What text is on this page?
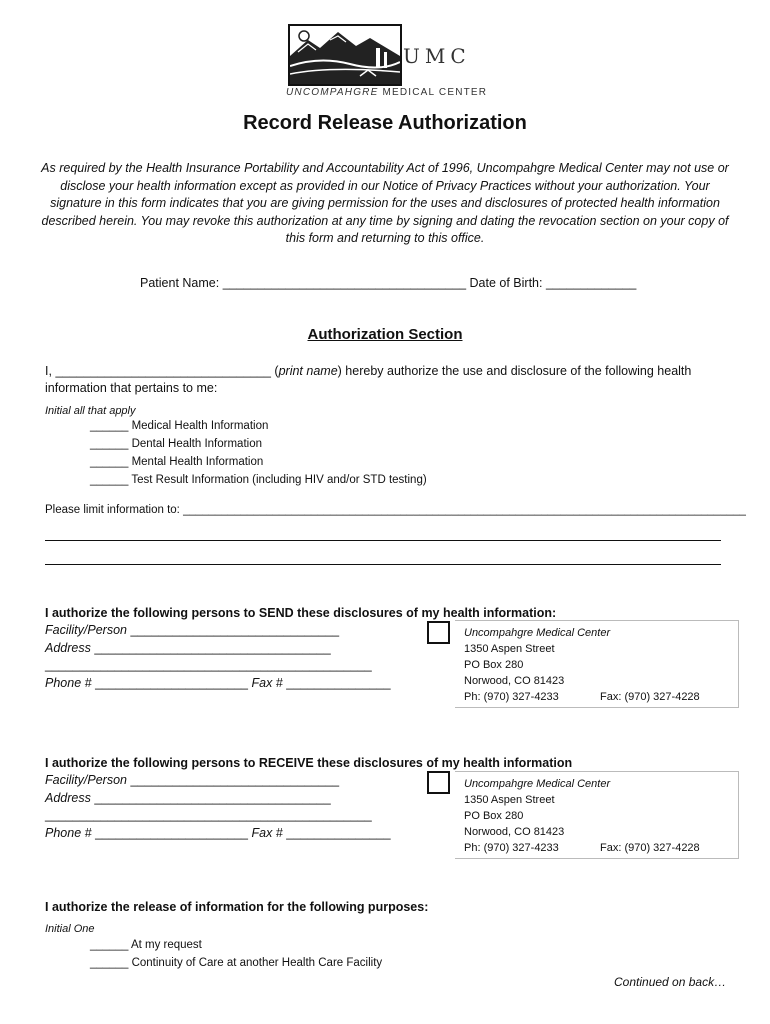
UMC
UNCOMPAHGRE MEDICAL CENTER
Record Release Authorization
As required by the Health Insurance Portability and Accountability Act of 1996, Uncompahgre Medical Center may not use or disclose your health information except as provided in our Notice of Privacy Practices without your authorization. Your signature in this form indicates that you are giving permission for the uses and disclosures of protected health information described herein. You may revoke this authorization at any time by signing and dating the revocation section on your copy of this form and returning to this office.
Patient Name: ___________________________________ Date of Birth: _____________
Authorization Section
I, _______________________________ (print name) hereby authorize the use and disclosure of the following health
information that pertains to me:
Initial all that apply
______ Medical Health Information
______ Dental Health Information
______ Mental Health Information
______ Test Result Information (including HIV and/or STD testing)
Please limit information to: ________________________________________________________________________________________
I authorize the following persons to SEND these disclosures of my health information:
Facility/Person ______________________________
Address __________________________________
_______________________________________________
Phone # ______________________ Fax # _______________
Uncompahgre Medical Center
1350 Aspen Street
PO Box 280
Norwood, CO 81423
Ph: (970) 327-4233	Fax: (970) 327-4228
I authorize the following persons to RECEIVE these disclosures of my health information
Facility/Person ______________________________
Address __________________________________
_______________________________________________
Phone # ______________________ Fax # _______________
Uncompahgre Medical Center
1350 Aspen Street
PO Box 280
Norwood, CO 81423
Ph: (970) 327-4233	Fax: (970) 327-4228
I authorize the release of information for the following purposes:
Initial One
______ At my request
______ Continuity of Care at another Health Care Facility
Continued on back…
